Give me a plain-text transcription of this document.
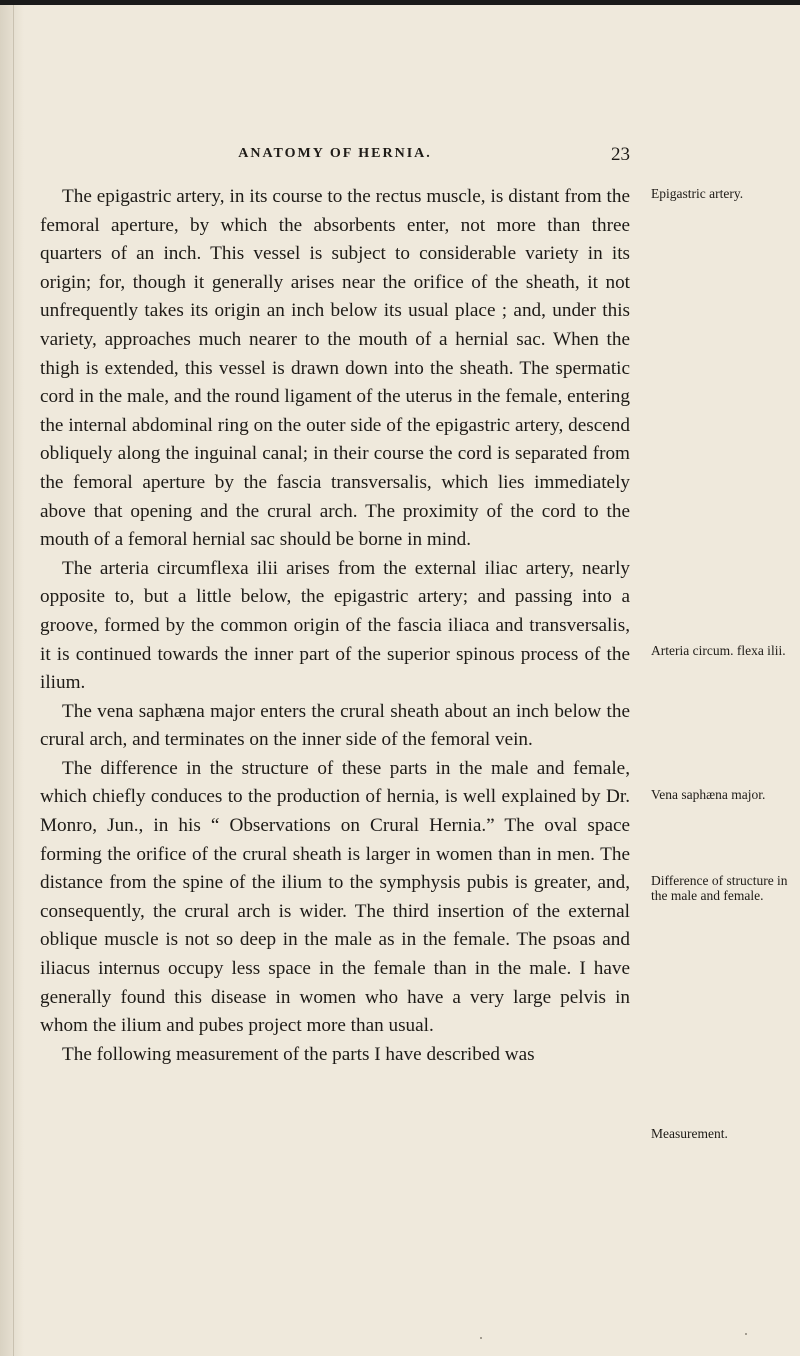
ANATOMY OF HERNIA.	23

The epigastric artery, in its course to the rectus muscle, is distant from the femoral aperture, by which the absorbents enter, not more than three quarters of an inch. This vessel is subject to considerable variety in its origin; for, though it generally arises near the orifice of the sheath, it not unfrequently takes its origin an inch below its usual place ; and, under this variety, approaches much nearer to the mouth of a hernial sac. When the thigh is extended, this vessel is drawn down into the sheath. The spermatic cord in the male, and the round ligament of the uterus in the female, entering the internal abdominal ring on the outer side of the epigastric artery, descend obliquely along the inguinal canal; in their course the cord is separated from the femoral aperture by the fascia transversalis, which lies immediately above that opening and the crural arch. The proximity of the cord to the mouth of a femoral hernial sac should be borne in mind.

The arteria circumflexa ilii arises from the external iliac artery, nearly opposite to, but a little below, the epigastric artery; and passing into a groove, formed by the common origin of the fascia iliaca and transversalis, it is continued towards the inner part of the superior spinous process of the ilium.

The vena saphæna major enters the crural sheath about an inch below the crural arch, and terminates on the inner side of the femoral vein.

The difference in the structure of these parts in the male and female, which chiefly conduces to the production of hernia, is well explained by Dr. Monro, Jun., in his “ Observations on Crural Hernia.” The oval space forming the orifice of the crural sheath is larger in women than in men. The distance from the spine of the ilium to the symphysis pubis is greater, and, consequently, the crural arch is wider. The third insertion of the external oblique muscle is not so deep in the male as in the female. The psoas and iliacus internus occupy less space in the female than in the male. I have generally found this disease in women who have a very large pelvis in whom the ilium and pubes project more than usual.

The following measurement of the parts I have described was

Epigastric artery.
Arteria circum. flexa ilii.
Vena saphæna major.
Difference of structure in the male and female.
Measurement.
